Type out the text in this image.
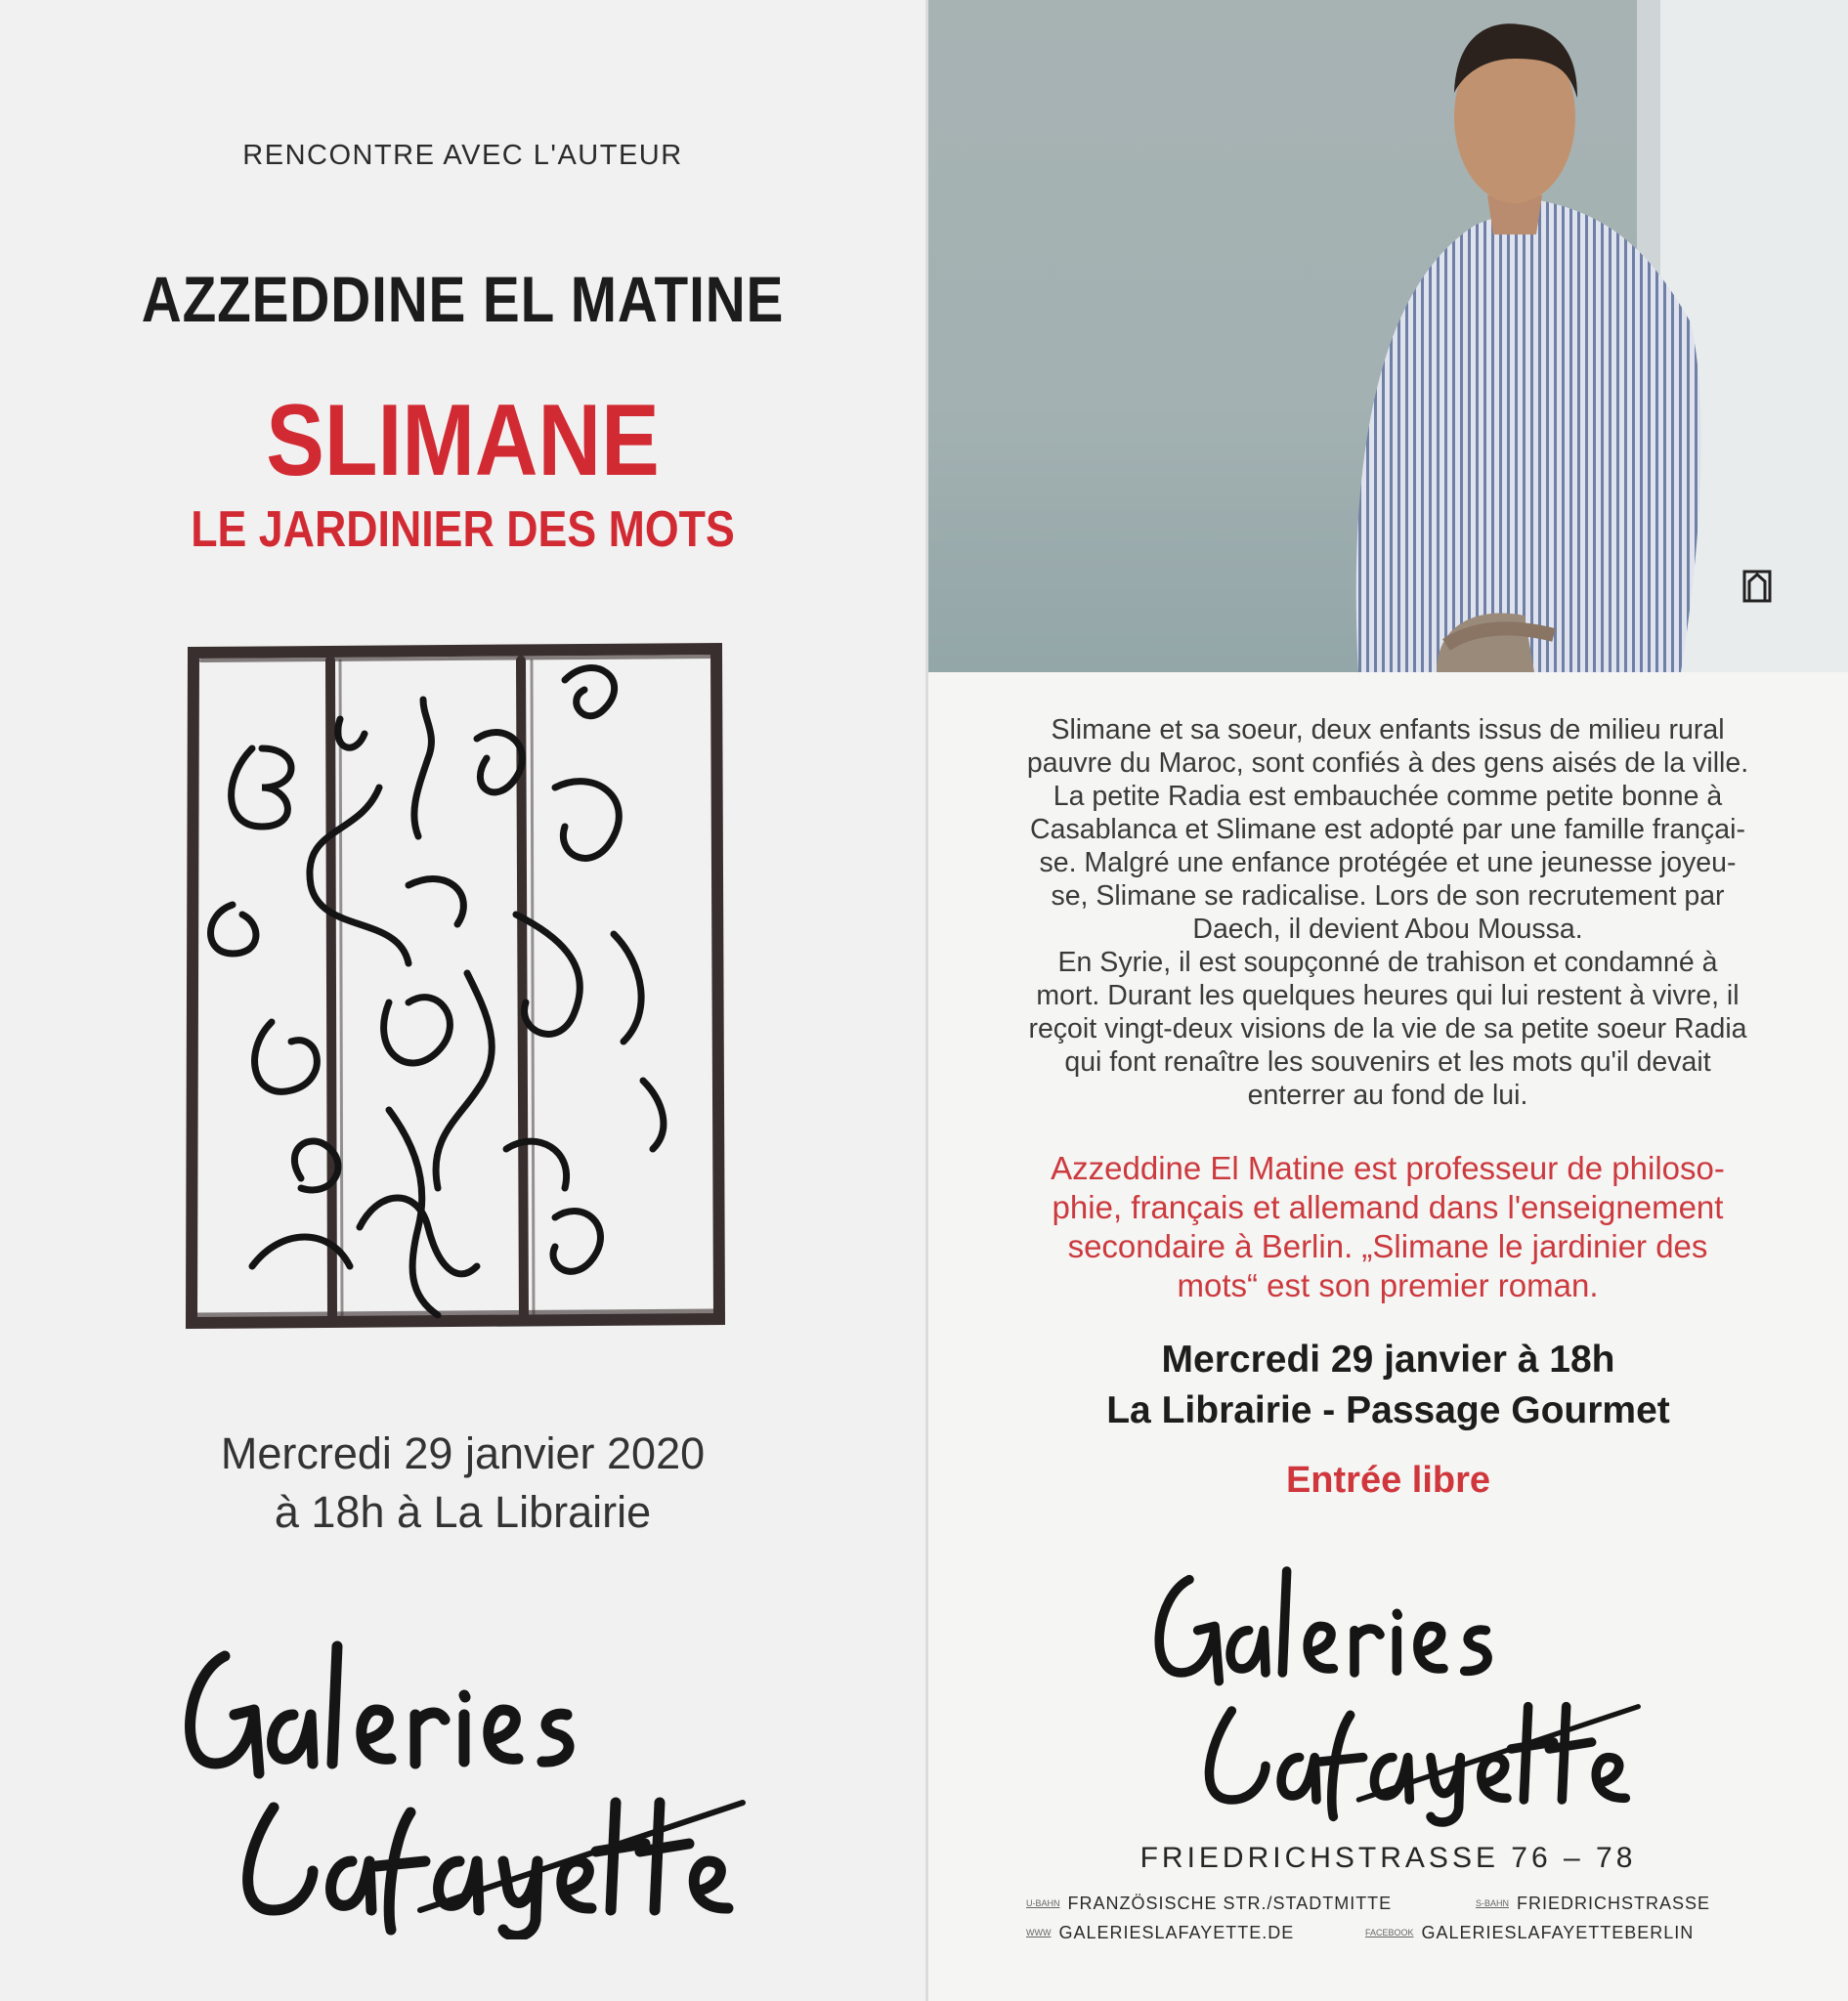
RENCONTRE AVEC L'AUTEUR
AZZEDDINE EL MATINE
SLIMANE
LE JARDINIER DES MOTS
Mercredi 29 janvier 2020
à 18h à La Librairie
Slimane et sa soeur, deux enfants issus de milieu rural
pauvre du Maroc, sont confiés à des gens aisés de la ville.
La petite Radia est embauchée comme petite bonne à
Casablanca et Slimane est adopté par une famille françai-
se. Malgré une enfance protégée et une jeunesse joyeu-
se, Slimane se radicalise. Lors de son recrutement par
Daech, il devient Abou Moussa.
En Syrie, il est soupçonné de trahison et condamné à
mort. Durant les quelques heures qui lui restent à vivre, il
reçoit vingt-deux visions de la vie de sa petite soeur Radia
qui font renaître les souvenirs et les mots qu'il devait
enterrer au fond de lui.
Azzeddine El Matine est professeur de philoso-
phie, français et allemand dans l'enseignement
secondaire à Berlin. „Slimane le jardinier des
mots“ est son premier roman.
Mercredi 29 janvier à 18h
La Librairie - Passage Gourmet
Entrée libre
FRIEDRICHSTRASSE 76 – 78
U-BAHN FRANZÖSISCHE STR./STADTMITTE	S-BAHN FRIEDRICHSTRASSE
WWW GALERIESLAFAYETTE.DE	FACEBOOK GALERIESLAFAYETTEBERLIN
